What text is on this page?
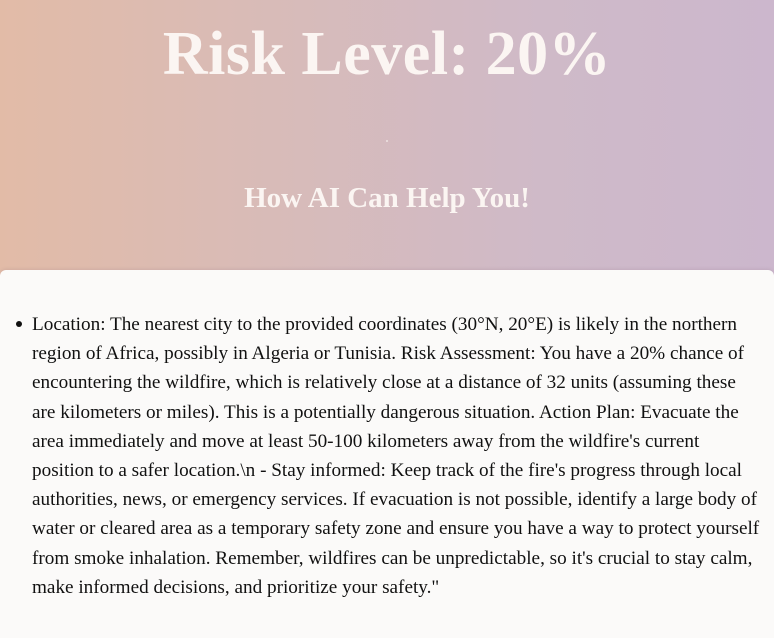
Risk Level: 20%
How AI Can Help You!
Location: The nearest city to the provided coordinates (30°N, 20°E) is likely in the northern region of Africa, possibly in Algeria or Tunisia. Risk Assessment: You have a 20% chance of encountering the wildfire, which is relatively close at a distance of 32 units (assuming these are kilometers or miles). This is a potentially dangerous situation. Action Plan: Evacuate the area immediately and move at least 50-100 kilometers away from the wildfire's current position to a safer location.\n - Stay informed: Keep track of the fire's progress through local authorities, news, or emergency services. If evacuation is not possible, identify a large body of water or cleared area as a temporary safety zone and ensure you have a way to protect yourself from smoke inhalation. Remember, wildfires can be unpredictable, so it's crucial to stay calm, make informed decisions, and prioritize your safety."
